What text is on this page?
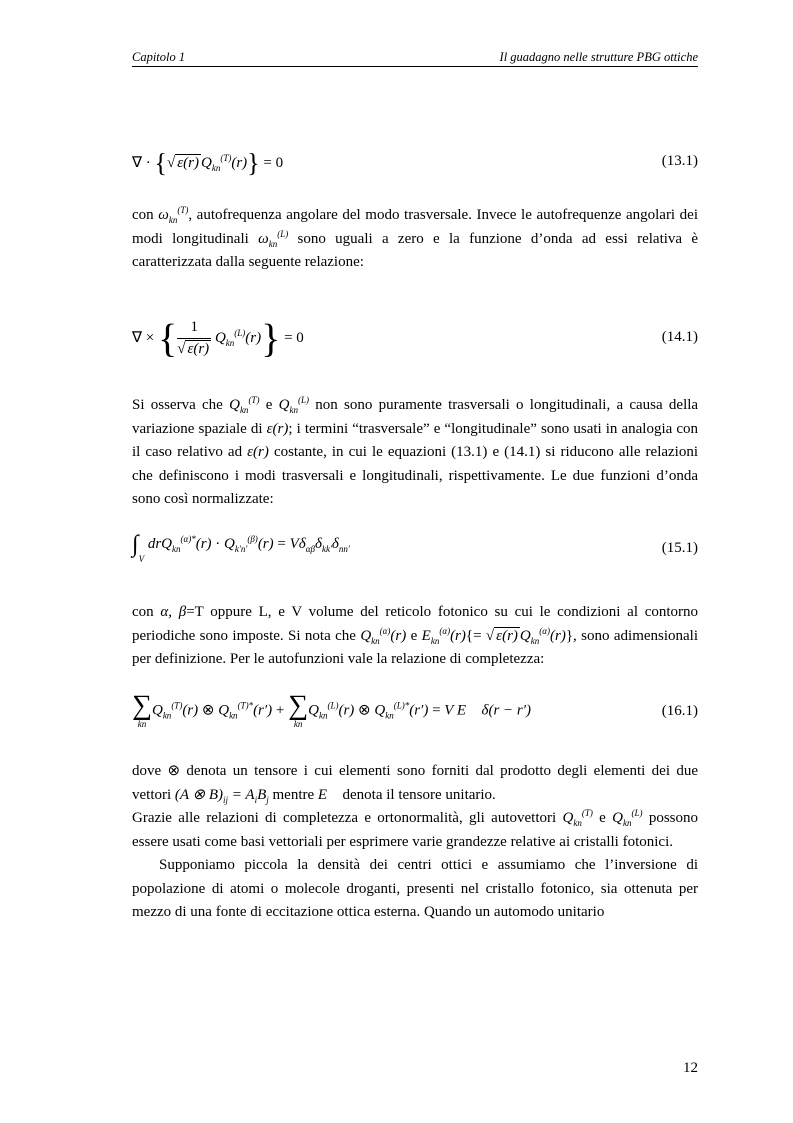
Capitolo 1	Il guadagno nelle strutture PBG ottiche
∇ · {√ ε(r) $Q_{kn}^{(T)}(r)\} = 0$	(13.1)

con $\omega_{kn}^{(T)}$, autofrequenza angolare del modo trasversale. Invece le autofrequenze angolari dei modi longitudinali $\omega_{kn}^{(L)}$ sono uguali a zero e la funzione d’onda ad essi relativa è caratterizzata dalla seguente relazione:

∇ × { $\frac{1}{√ \varepsilon(r)} Q_{kn}^{(L)}(r)\} = 0$	(14.1)

Si osserva che $Q_{kn}^{(T)}$ e $Q_{kn}^{(L)}$ non sono puramente trasversali o longitudinali, a causa della variazione spaziale di ε(r); i termini “trasversale” e “longitudinale” sono usati in analogia con il caso relativo ad ε(r) costante, in cui le equazioni (13.1) e (14.1) si riducono alle relazioni che definiscono i modi trasversali e longitudinali, rispettivamente. Le due funzioni d’onda sono così normalizzate:

$\int_V$ $drQ_{kn}^{(\alpha)*}(r) \cdot Q_{k'n'}^{(\beta)}(r) = V\delta_{\alpha\beta}\delta_{kk'}\delta_{nn'}$	(15.1)

con α, β=T oppure L, e V volume del reticolo fotonico su cui le condizioni al contorno periodiche sono imposte. Si nota che $Q_{kn}^{(\alpha)}(r)$ e $E_{kn}^{(\alpha)}(r)\{=$ √ ε(r) $Q_{kn}^{(\alpha)}(r)$}, sono adimensionali per definizione. Per le autofunzioni vale la relazione di completezza:

∑
kn
$Q_{kn}^{(T)}(r)$ ⊗ $Q_{kn}^{(T)*}(r')$ + ∑
kn
$Q_{kn}^{(L)}(r)$ ⊗ $Q_{kn}^{(L)*}(r') = V$ E⃡ δ(r − r′)	(16.1)

dove ⊗ denota un tensore i cui elementi sono forniti dal prodotto degli elementi dei due vettori (A ⊗ $B)_{ij} = A_iB_j$ mentre E⃡ denota il tensore unitario.

Grazie alle relazioni di completezza e ortonormalità, gli autovettori $Q_{kn}^{(T)}$ e $Q_{kn}^{(L)}$ possono essere usati come basi vettoriali per esprimere varie grandezze relative ai cristalli fotonici.

Supponiamo piccola la densità dei centri ottici e assumiamo che l’inversione di popolazione di atomi o molecole droganti, presenti nel cristallo fotonico, sia ottenuta per mezzo di una fonte di eccitazione ottica esterna. Quando un automodo unitario

12
